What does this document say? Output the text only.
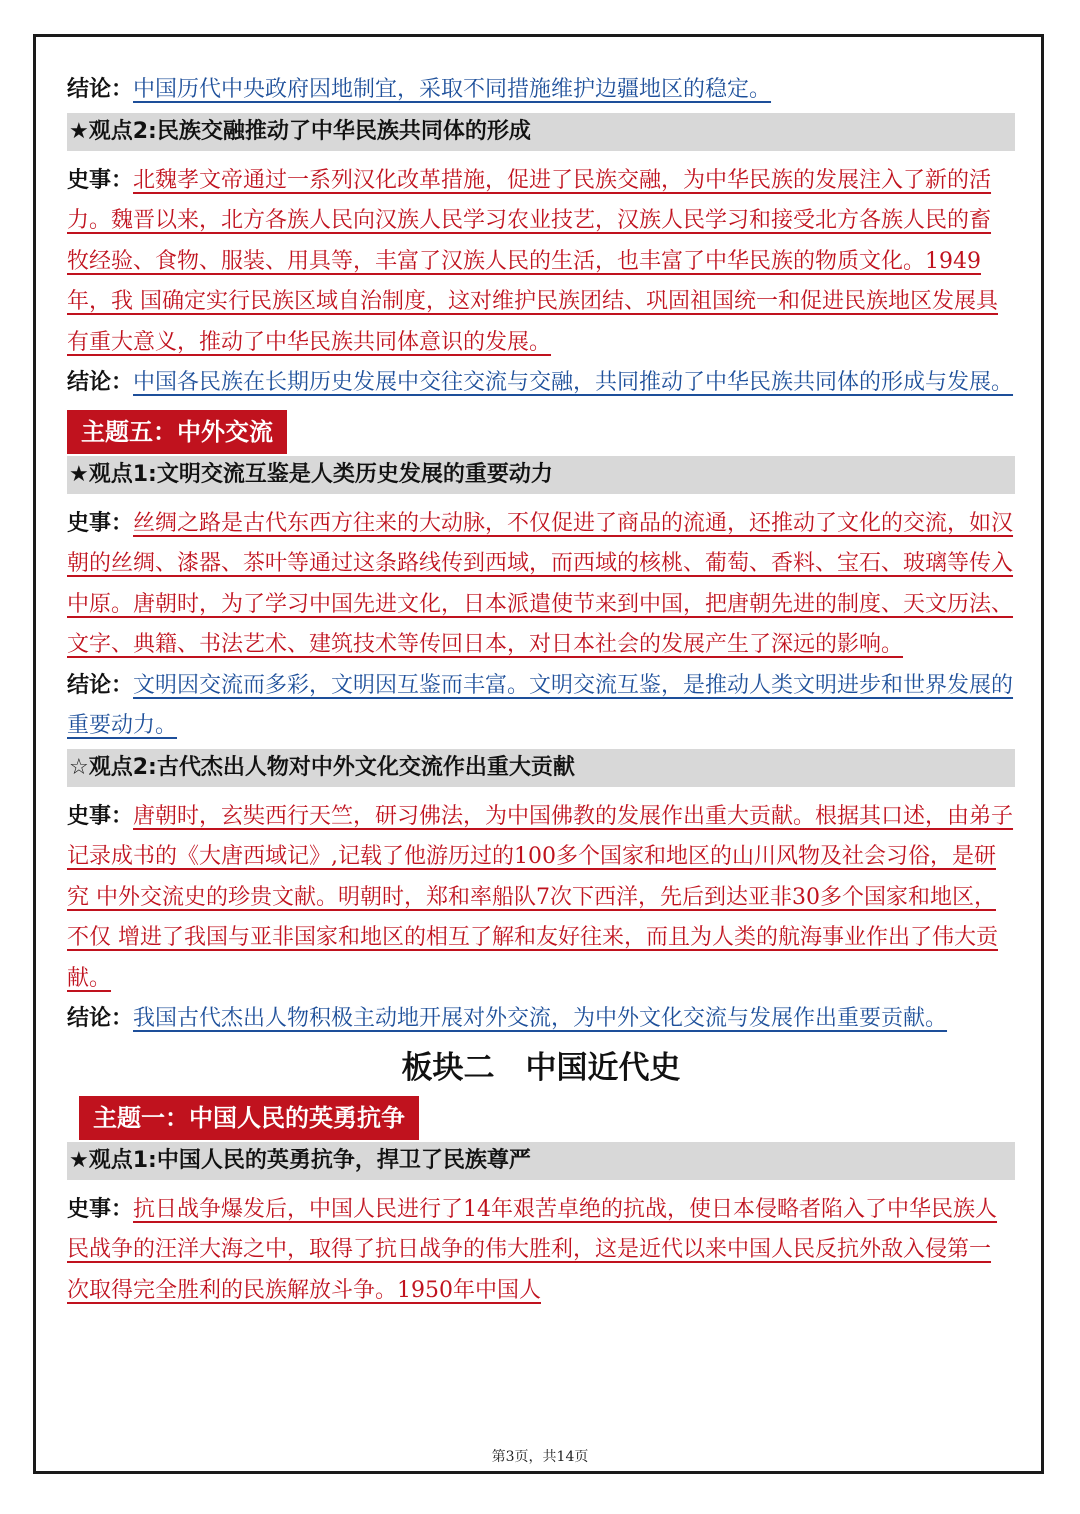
结论：中国历代中央政府因地制宜，采取不同措施维护边疆地区的稳定。
★观点2:民族交融推动了中华民族共同体的形成
史事：北魏孝文帝通过一系列汉化改革措施，促进了民族交融，为中华民族的发展注入了新的活力。魏晋以来，北方各族人民向汉族人民学习农业技艺，汉族人民学习和接受北方各族人民的畜 牧经验、食物、服装、用具等，丰富了汉族人民的生活，也丰富了中华民族的物质文化。1949年，我 国确定实行民族区域自治制度，这对维护民族团结、巩固祖国统一和促进民族地区发展具有重大意义，推动了中华民族共同体意识的发展。
结论：中国各民族在长期历史发展中交往交流与交融，共同推动了中华民族共同体的形成与发展。
主题五：中外交流
★观点1:文明交流互鉴是人类历史发展的重要动力
史事：丝绸之路是古代东西方往来的大动脉，不仅促进了商品的流通，还推动了文化的交流，如汉朝的丝绸、漆器、茶叶等通过这条路线传到西域，而西域的核桃、葡萄、香料、宝石、玻璃等传入中原。唐朝时，为了学习中国先进文化，日本派遣使节来到中国，把唐朝先进的制度、天文历法、文字、典籍、书法艺术、建筑技术等传回日本，对日本社会的发展产生了深远的影响。
结论：文明因交流而多彩，文明因互鉴而丰富。文明交流互鉴，是推动人类文明进步和世界发展的 重要动力。
☆观点2:古代杰出人物对中外文化交流作出重大贡献
史事：唐朝时，玄奘西行天竺，研习佛法，为中国佛教的发展作出重大贡献。根据其口述，由弟子记录成书的《大唐西域记》,记载了他游历过的100多个国家和地区的山川风物及社会习俗，是研究 中外交流史的珍贵文献。明朝时，郑和率船队7次下西洋，先后到达亚非30多个国家和地区，不仅 增进了我国与亚非国家和地区的相互了解和友好往来，而且为人类的航海事业作出了伟大贡献。
结论：我国古代杰出人物积极主动地开展对外交流，为中外文化交流与发展作出重要贡献。
板块二　中国近代史
主题一：中国人民的英勇抗争
★观点1:中国人民的英勇抗争，捍卫了民族尊严
史事：抗日战争爆发后，中国人民进行了14年艰苦卓绝的抗战，使日本侵略者陷入了中华民族人 民战争的汪洋大海之中，取得了抗日战争的伟大胜利，这是近代以来中国人民反抗外敌入侵第一 次取得完全胜利的民族解放斗争。1950年中国人
第3页，共14页
